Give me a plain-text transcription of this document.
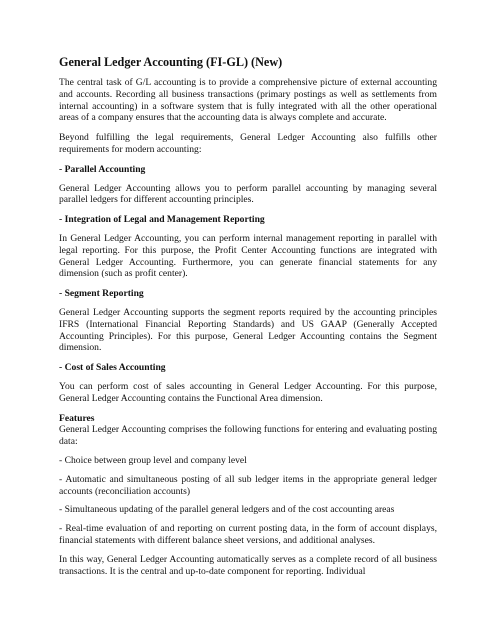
General Ledger Accounting (FI-GL) (New)

The central task of G/L accounting is to provide a comprehensive picture of external accounting and accounts. Recording all business transactions (primary postings as well as settlements from internal accounting) in a software system that is fully integrated with all the other operational areas of a company ensures that the accounting data is always complete and accurate.

Beyond fulfilling the legal requirements, General Ledger Accounting also fulfills other requirements for modern accounting:

- Parallel Accounting

General Ledger Accounting allows you to perform parallel accounting by managing several parallel ledgers for different accounting principles.

- Integration of Legal and Management Reporting

In General Ledger Accounting, you can perform internal management reporting in parallel with legal reporting. For this purpose, the Profit Center Accounting functions are integrated with General Ledger Accounting. Furthermore, you can generate financial statements for any dimension (such as profit center).

- Segment Reporting

General Ledger Accounting supports the segment reports required by the accounting principles IFRS (International Financial Reporting Standards) and US GAAP (Generally Accepted Accounting Principles). For this purpose, General Ledger Accounting contains the Segment dimension.

- Cost of Sales Accounting

You can perform cost of sales accounting in General Ledger Accounting. For this purpose, General Ledger Accounting contains the Functional Area dimension.

Features

General Ledger Accounting comprises the following functions for entering and evaluating posting data:

- Choice between group level and company level

- Automatic and simultaneous posting of all sub ledger items in the appropriate general ledger accounts (reconciliation accounts)

- Simultaneous updating of the parallel general ledgers and of the cost accounting areas

- Real-time evaluation of and reporting on current posting data, in the form of account displays, financial statements with different balance sheet versions, and additional analyses.

In this way, General Ledger Accounting automatically serves as a complete record of all business transactions. It is the central and up-to-date component for reporting. Individual
